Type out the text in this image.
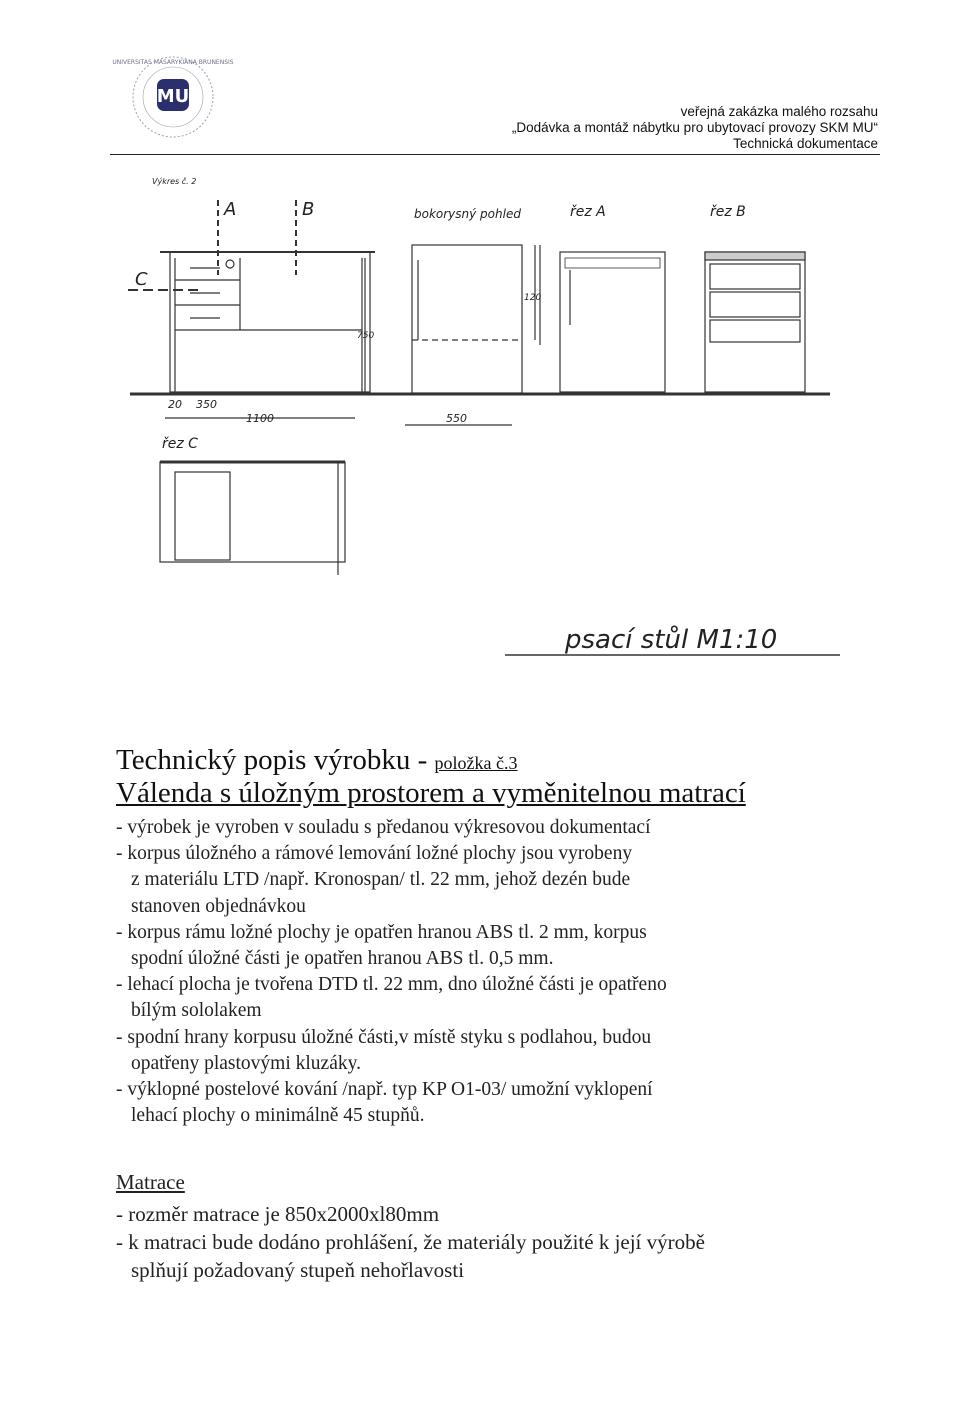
UNIVERSITAS MASARYKIANA BRUNENSIS
MU
veřejná zakázka malého rozsahu
„Dodávka a montáž nábytku pro ubytovací provozy SKM MU“
Technická dokumentace
Výkres č. 2
A	B
C
bokorysný pohled	řez A	řez B
řez C
20 350
1100	550
750
120
psací stůl M1:10
Technický popis výrobku - položka č.3
Válenda s úložným prostorem a vyměnitelnou matrací
- výrobek je vyroben v souladu s předanou výkresovou dokumentací
- korpus úložného a rámové lemování ložné plochy jsou vyrobeny
z materiálu LTD /např. Kronospan/ tl. 22 mm, jehož dezén bude
stanoven objednávkou
- korpus rámu ložné plochy je opatřen hranou ABS tl. 2 mm, korpus
spodní úložné části je opatřen hranou ABS tl. 0,5 mm.
- lehací plocha je tvořena DTD tl. 22 mm, dno úložné části je opatřeno
bílým sololakem
- spodní hrany korpusu úložné části,v místě styku s podlahou, budou
opatřeny plastovými kluzáky.
- výklopné postelové kování /např. typ KP O1-03/ umožní vyklopení
lehací plochy o minimálně 45 stupňů.
Matrace
- rozměr matrace je 850x2000xl80mm
- k matraci bude dodáno prohlášení, že materiály použité k její výrobě
splňují požadovaný stupeň nehořlavosti
